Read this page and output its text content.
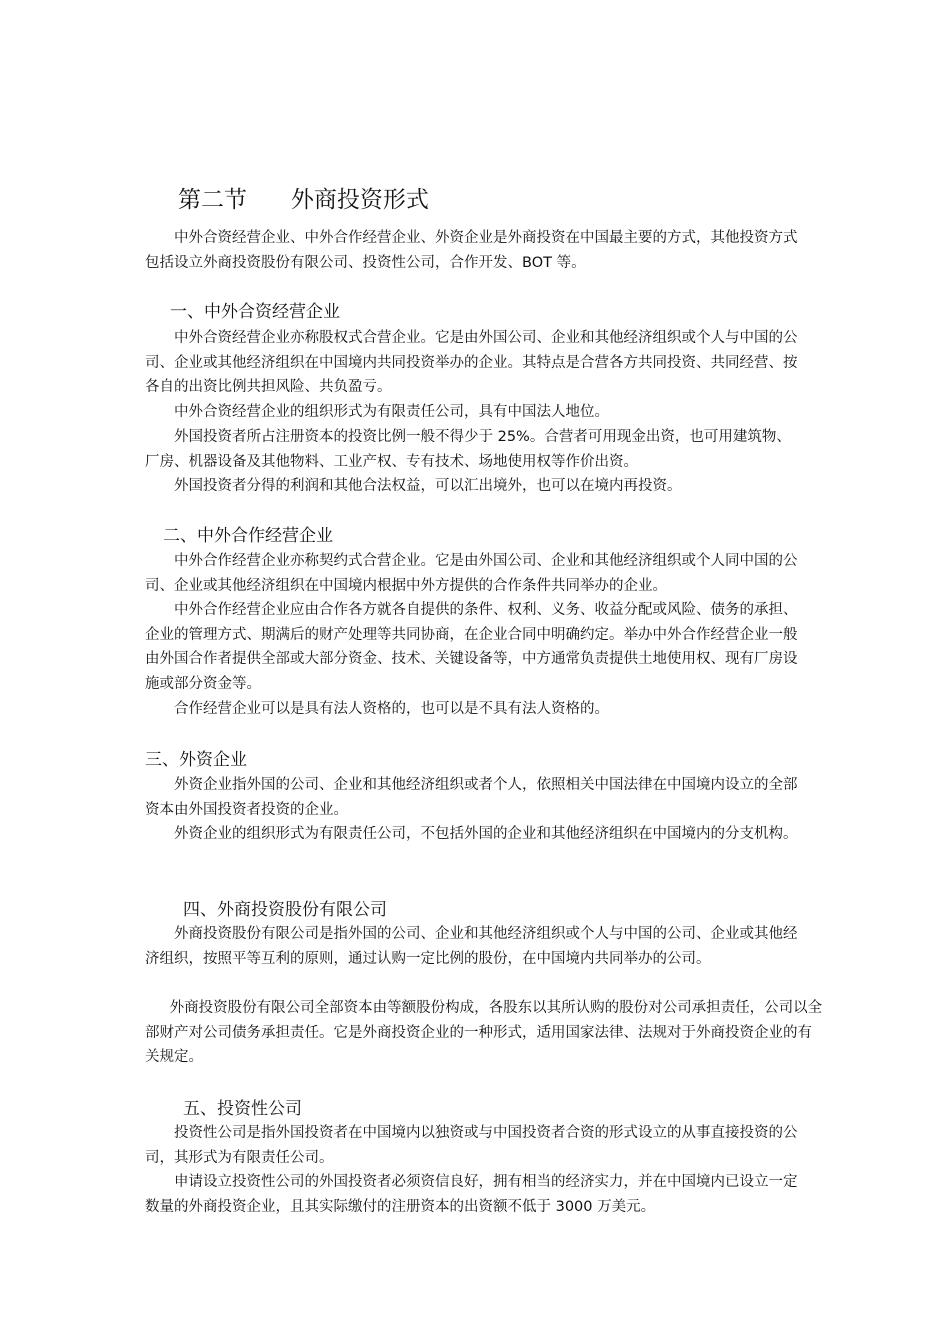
第二节      外商投资形式

中外合资经营企业、中外合作经营企业、外资企业是外商投资在中国最主要的方式，其他投资方式包括设立外商投资股份有限公司、投资性公司，合作开发、BOT 等。

一、中外合资经营企业

中外合资经营企业亦称股权式合营企业。它是由外国公司、企业和其他经济组织或个人与中国的公司、企业或其他经济组织在中国境内共同投资举办的企业。其特点是合营各方共同投资、共同经营、按各自的出资比例共担风险、共负盈亏。

中外合资经营企业的组织形式为有限责任公司，具有中国法人地位。

外国投资者所占注册资本的投资比例一般不得少于 25%。合营者可用现金出资，也可用建筑物、厂房、机器设备及其他物料、工业产权、专有技术、场地使用权等作价出资。

外国投资者分得的利润和其他合法权益，可以汇出境外，也可以在境内再投资。

二、中外合作经营企业

中外合作经营企业亦称契约式合营企业。它是由外国公司、企业和其他经济组织或个人同中国的公司、企业或其他经济组织在中国境内根据中外方提供的合作条件共同举办的企业。

中外合作经营企业应由合作各方就各自提供的条件、权利、义务、收益分配或风险、债务的承担、企业的管理方式、期满后的财产处理等共同协商，在企业合同中明确约定。举办中外合作经营企业一般由外国合作者提供全部或大部分资金、技术、关键设备等，中方通常负责提供土地使用权、现有厂房设施或部分资金等。

合作经营企业可以是具有法人资格的，也可以是不具有法人资格的。

三、外资企业

外资企业指外国的公司、企业和其他经济组织或者个人，依照相关中国法律在中国境内设立的全部资本由外国投资者投资的企业。

外资企业的组织形式为有限责任公司，不包括外国的企业和其他经济组织在中国境内的分支机构。

四、外商投资股份有限公司

外商投资股份有限公司是指外国的公司、企业和其他经济组织或个人与中国的公司、企业或其他经济组织，按照平等互利的原则，通过认购一定比例的股份，在中国境内共同举办的公司。

外商投资股份有限公司全部资本由等额股份构成，各股东以其所认购的股份对公司承担责任，公司以全部财产对公司债务承担责任。它是外商投资企业的一种形式，适用国家法律、法规对于外商投资企业的有关规定。

五、投资性公司

投资性公司是指外国投资者在中国境内以独资或与中国投资者合资的形式设立的从事直接投资的公司，其形式为有限责任公司。

申请设立投资性公司的外国投资者必须资信良好，拥有相当的经济实力，并在中国境内已设立一定数量的外商投资企业，且其实际缴付的注册资本的出资额不低于 3000 万美元。
